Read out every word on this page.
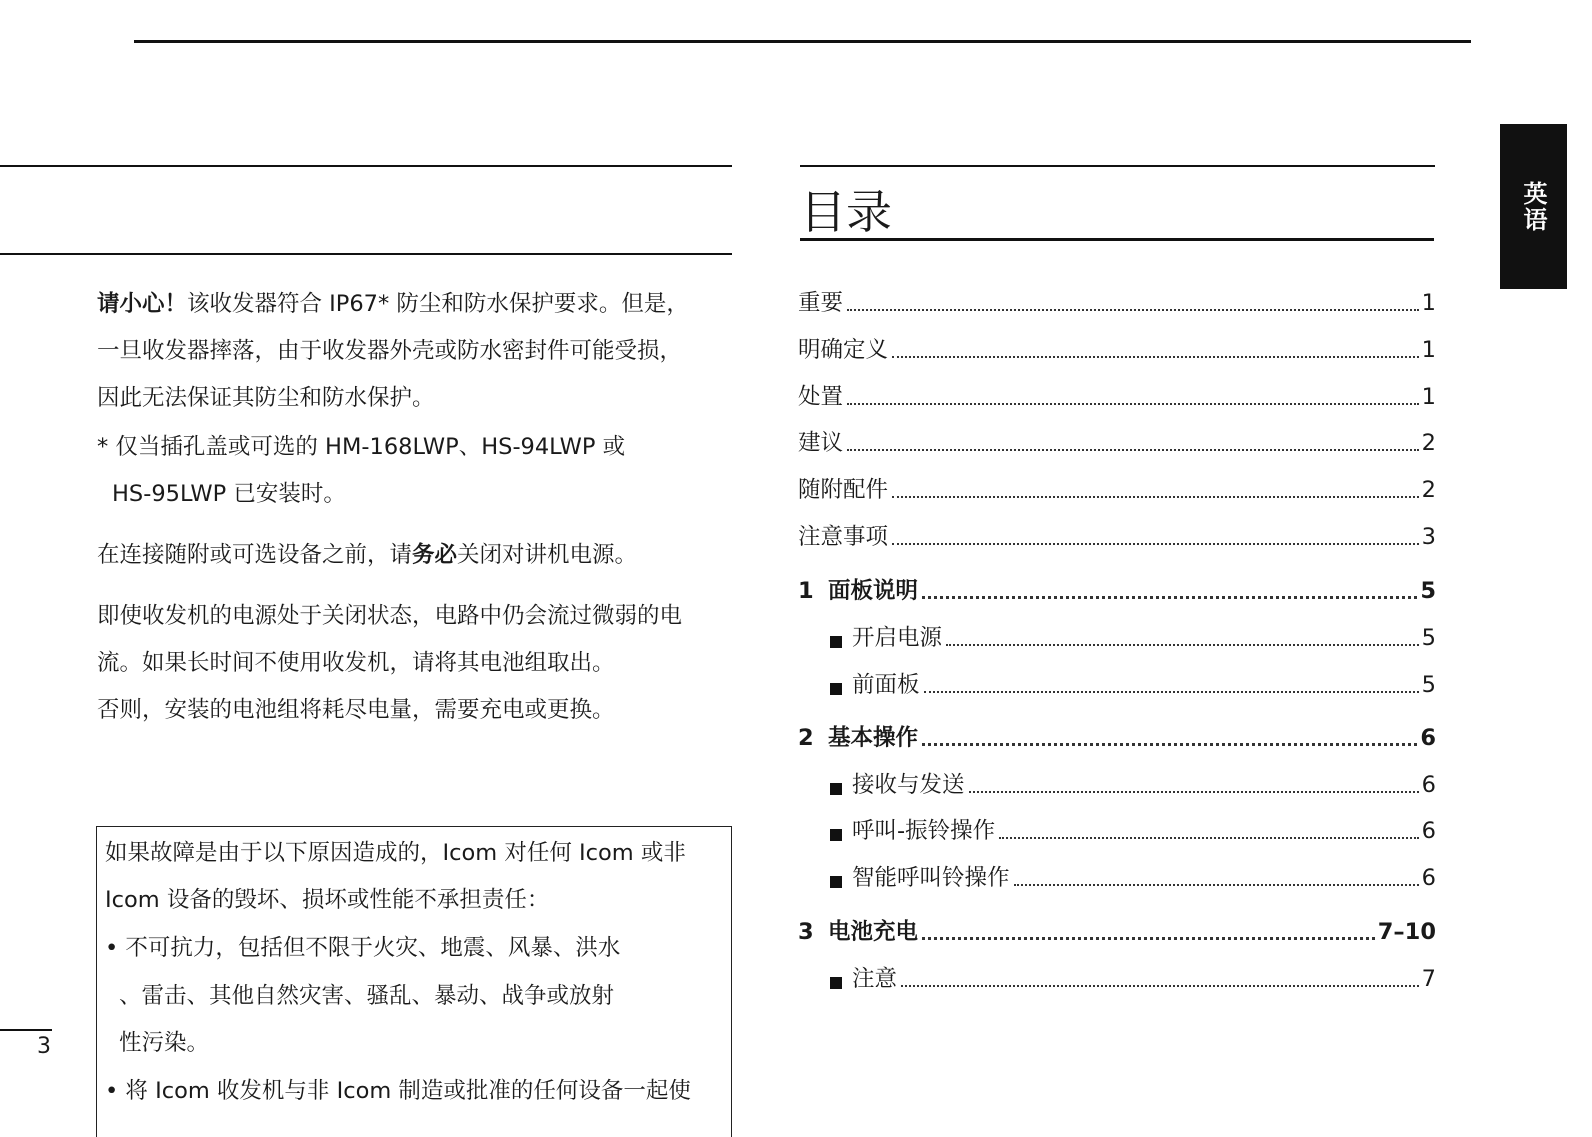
请小心！该收发器符合 IP67* 防尘和防水保护要求。但是，
一旦收发器摔落，由于收发器外壳或防水密封件可能受损，
因此无法保证其防尘和防水保护。

* 仅当插孔盖或可选的 HM-168LWP、HS-94LWP 或
HS-95LWP 已安装时。

在连接随附或可选设备之前，请务必关闭对讲机电源。

即使收发机的电源处于关闭状态，电路中仍会流过微弱的电
流。如果长时间不使用收发机，请将其电池组取出。
否则，安装的电池组将耗尽电量，需要充电或更换。

如果故障是由于以下原因造成的，Icom 对任何 Icom 或非
Icom 设备的毁坏、损坏或性能不承担责任：
• 不可抗力，包括但不限于火灾、地震、风暴、洪水
、雷击、其他自然灾害、骚乱、暴动、战争或放射
性污染。
• 将 Icom 收发机与非 Icom 制造或批准的任何设备一起使
3
目录
重要	1
明确定义	1
处置	1
建议	2
随附配件	2
注意事项	3
1 面板说明	5
开启电源	5
前面板	5
2 基本操作	6
接收与发送	6
呼叫-振铃操作	6
智能呼叫铃操作	6
3 电池充电	7–10
注意	7
英语
